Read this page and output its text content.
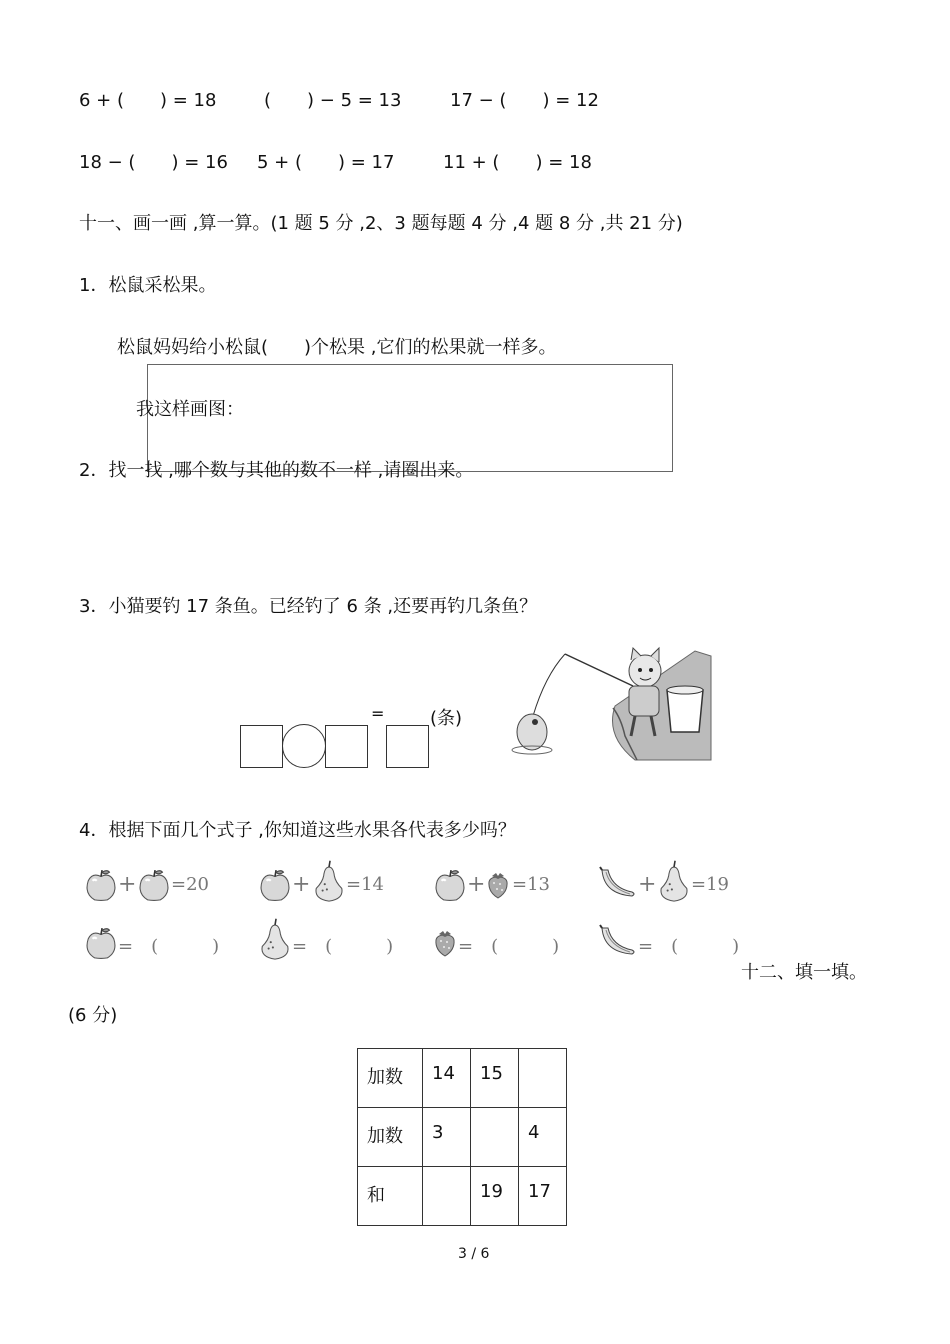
6 + (　　) = 18	(　　) − 5 = 13	17 − (　　) = 12
18 − (　　) = 16 5 + (　　) = 17	11 + (　　) = 18
十一、画一画 ,算一算。(1 题 5 分 ,2、3 题每题 4 分 ,4 题 8 分 ,共 21 分)
1．松鼠采松果。
松鼠妈妈给小松鼠(　　)个松果 ,它们的松果就一样多。
我这样画图：
2．找一找 ,哪个数与其他的数不一样 ,请圈出来。
3．小猫要钓 17 条鱼。已经钓了 6 条 ,还要再钓几条鱼？
=	(条)
4．根据下面几个式子 ,你知道这些水果各代表多少吗？
+ =20	+ =14	+ =13	+ =19
=　(　　　)	=　(　　　)	=　(　　　)	=　(　　　)
十二、填一填。
(6 分)
加数	14	15	
加数	3		4
和		19	17
3 / 6
